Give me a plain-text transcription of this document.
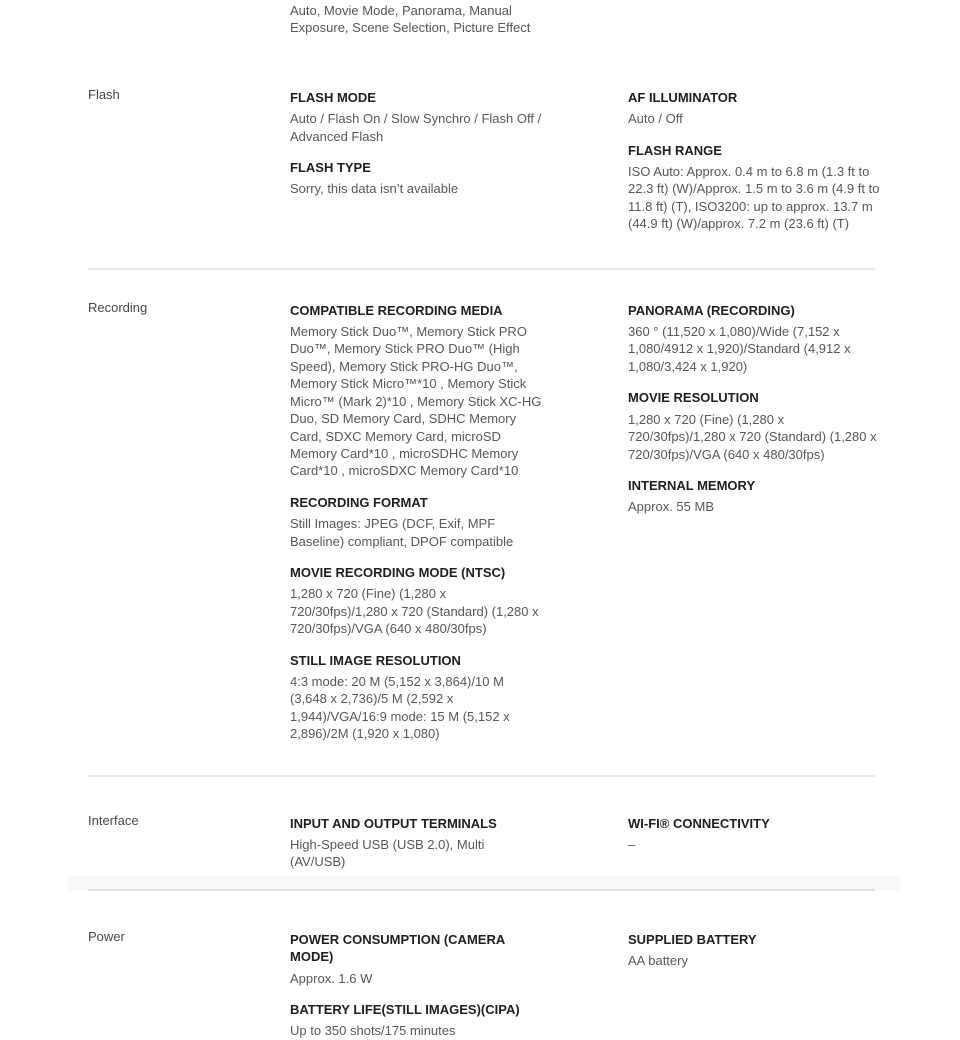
Auto, Movie Mode, Panorama, Manual Exposure, Scene Selection, Picture Effect
Flash	FLASH MODE

Auto / Flash On / Slow Synchro / Flash Off / Advanced Flash

FLASH TYPE

Sorry, this data isn’t available

AF ILLUMINATOR

Auto / Off

FLASH RANGE

ISO Auto: Approx. 0.4 m to 6.8 m (1.3 ft to 22.3 ft) (W)/Approx. 1.5 m to 3.6 m (4.9 ft to 11.8 ft) (T), ISO3200: up to approx. 13.7 m (44.9 ft) (W)/approx. 7.2 m (23.6 ft) (T)

Recording	COMPATIBLE RECORDING MEDIA

Memory Stick Duo™, Memory Stick PRO Duo™, Memory Stick PRO Duo™ (High Speed), Memory Stick PRO-HG Duo™, Memory Stick Micro™*10 , Memory Stick Micro™ (Mark 2)*10 , Memory Stick XC-HG Duo, SD Memory Card, SDHC Memory Card, SDXC Memory Card, microSD Memory Card*10 , microSDHC Memory Card*10 , microSDXC Memory Card*10

RECORDING FORMAT

Still Images: JPEG (DCF, Exif, MPF Baseline) compliant, DPOF compatible

MOVIE RECORDING MODE (NTSC)

1,280 x 720 (Fine) (1,280 x 720/30fps)/1,280 x 720 (Standard) (1,280 x 720/30fps)/VGA (640 x 480/30fps)

STILL IMAGE RESOLUTION

4:3 mode: 20 M (5,152 x 3,864)/10 M (3,648 x 2,736)/5 M (2,592 x 1,944)/VGA/16:9 mode: 15 M (5,152 x 2,896)/2M (1,920 x 1,080)

PANORAMA (RECORDING)

360 ° (11,520 x 1,080)/Wide (7,152 x 1,080/4912 x 1,920)/Standard (4,912 x 1,080/3,424 x 1,920)

MOVIE RESOLUTION

1,280 x 720 (Fine) (1,280 x 720/30fps)/1,280 x 720 (Standard) (1,280 x 720/30fps)/VGA (640 x 480/30fps)

INTERNAL MEMORY

Approx. 55 MB

Interface	INPUT AND OUTPUT TERMINALS

High-Speed USB (USB 2.0), Multi (AV/USB)

WI-FI® CONNECTIVITY

–

Power	POWER CONSUMPTION (CAMERA MODE)

Approx. 1.6 W

BATTERY LIFE(STILL IMAGES)(CIPA)

Up to 350 shots/175 minutes

SUPPLIED BATTERY

AA battery
